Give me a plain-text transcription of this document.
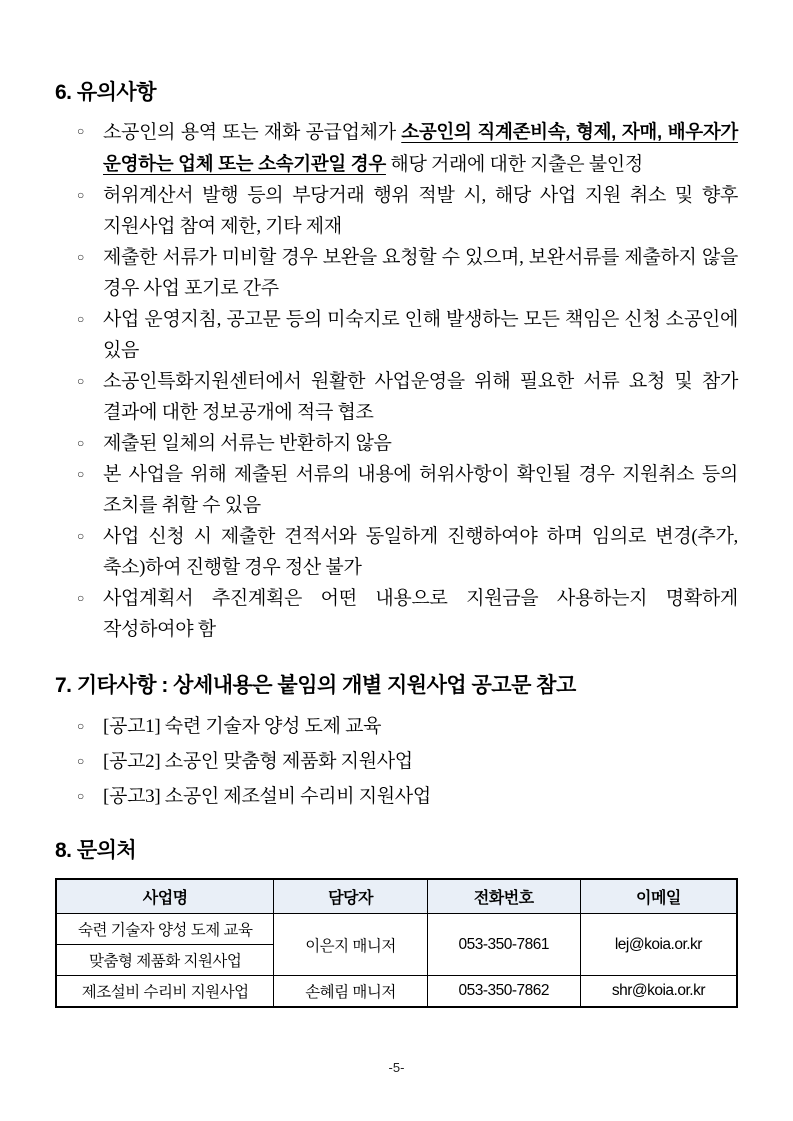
6. 유의사항
○ 소공인의 용역 또는 재화 공급업체가 소공인의 직계존비속, 형제, 자매, 배우자가 운영하는 업체 또는 소속기관일 경우 해당 거래에 대한 지출은 불인정
○ 허위계산서 발행 등의 부당거래 행위 적발 시, 해당 사업 지원 취소 및 향후 지원사업 참여 제한, 기타 제재
○ 제출한 서류가 미비할 경우 보완을 요청할 수 있으며, 보완서류를 제출하지 않을 경우 사업 포기로 간주
○ 사업 운영지침, 공고문 등의 미숙지로 인해 발생하는 모든 책임은 신청 소공인에 있음
○ 소공인특화지원센터에서 원활한 사업운영을 위해 필요한 서류 요청 및 참가 결과에 대한 정보공개에 적극 협조
○ 제출된 일체의 서류는 반환하지 않음
○ 본 사업을 위해 제출된 서류의 내용에 허위사항이 확인될 경우 지원취소 등의 조치를 취할 수 있음
○ 사업 신청 시 제출한 견적서와 동일하게 진행하여야 하며 임의로 변경(추가, 축소)하여 진행할 경우 정산 불가
○ 사업계획서 추진계획은 어떤 내용으로 지원금을 사용하는지 명확하게 작성하여야 함
7. 기타사항 : 상세내용은 붙임의 개별 지원사업 공고문 참고
○ [공고1] 숙련 기술자 양성 도제 교육
○ [공고2] 소공인 맞춤형 제품화 지원사업
○ [공고3] 소공인 제조설비 수리비 지원사업
8. 문의처
사업명	담당자	전화번호	이메일
숙련 기술자 양성 도제 교육	이은지 매니저	053-350-7861	lej@koia.or.kr
맞춤형 제품화 지원사업			
제조설비 수리비 지원사업	손혜림 매니저	053-350-7862	shr@koia.or.kr
-5-
